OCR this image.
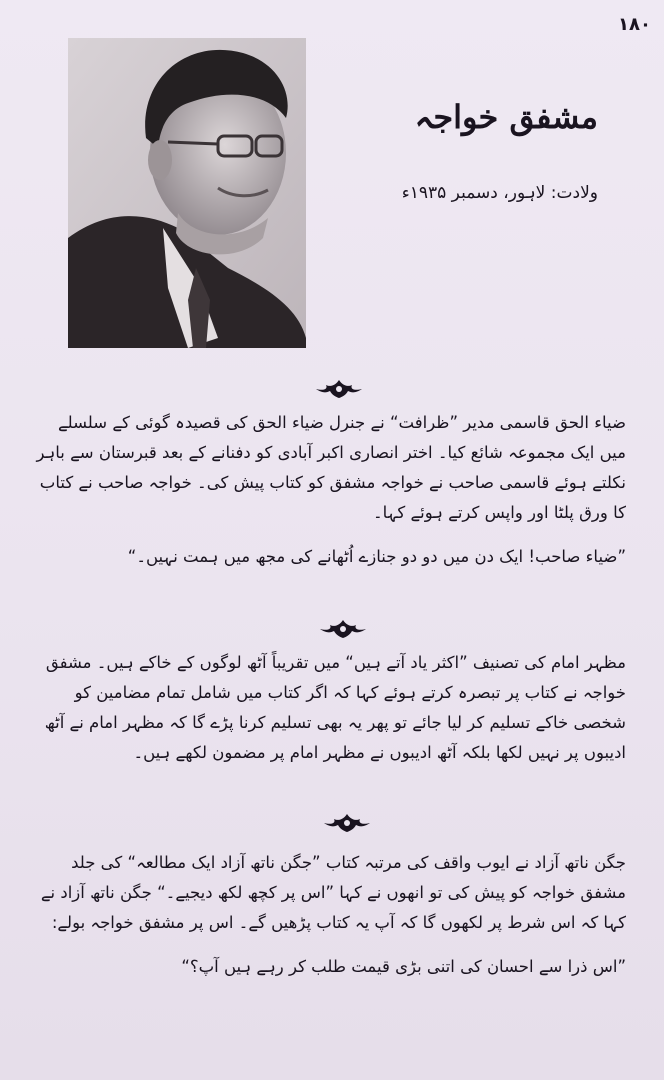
۱۸۰
مشفق خواجہ
ولادت: لاہور، دسمبر ۱۹۳۵ء

ضیاء الحق قاسمی مدیر ”ظرافت“ نے جنرل ضیاء الحق کی قصیدہ گوئی کے سلسلے میں ایک مجموعہ شائع کیا۔ اختر انصاری اکبر آبادی کو دفنانے کے بعد قبرستان سے باہر نکلتے ہوئے قاسمی صاحب نے خواجہ مشفق کو کتاب پیش کی۔ خواجہ صاحب نے کتاب کا ورق پلٹا اور واپس کرتے ہوئے کہا۔

”ضیاء صاحب! ایک دن میں دو دو جنازے اُٹھانے کی مجھ میں ہمت نہیں۔“

مظہر امام کی تصنیف ”اکثر یاد آتے ہیں“ میں تقریباً آٹھ لوگوں کے خاکے ہیں۔ مشفق خواجہ نے کتاب پر تبصرہ کرتے ہوئے کہا کہ اگر کتاب میں شامل تمام مضامین کو شخصی خاکے تسلیم کر لیا جائے تو پھر یہ بھی تسلیم کرنا پڑے گا کہ مظہر امام نے آٹھ ادیبوں پر نہیں لکھا بلکہ آٹھ ادیبوں نے مظہر امام پر مضمون لکھے ہیں۔

جگن ناتھ آزاد نے ایوب واقف کی مرتبہ کتاب ”جگن ناتھ آزاد ایک مطالعہ“ کی جلد مشفق خواجہ کو پیش کی تو انھوں نے کہا ”اس پر کچھ لکھ دیجیے۔“ جگن ناتھ آزاد نے کہا کہ اس شرط پر لکھوں گا کہ آپ یہ کتاب پڑھیں گے۔ اس پر مشفق خواجہ بولے:

”اس ذرا سے احسان کی اتنی بڑی قیمت طلب کر رہے ہیں آپ؟“
